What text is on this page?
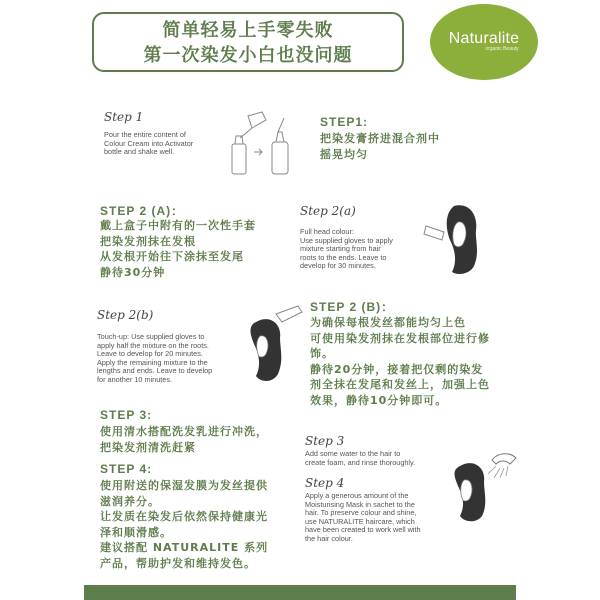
简单轻易上手零失败
第一次染发小白也没问题
Naturalite
organic Beauty
Step 1

Pour the entire content of

Colour Cream into Activator

bottle and shake well.

STEP1:

把染发膏挤进混合剂中

摇晃均匀

STEP 2 (A)：

戴上盒子中附有的一次性手套

把染发剂抹在发根

从发根开始往下涂抹至发尾

静待30分钟

Step 2(a)

Full head colour:

Use supplied gloves to apply

mixture starting from hair

roots to the ends. Leave to

develop for 30 minutes.

Step 2(b)

Touch-up: Use supplied gloves to

apply half the mixture on the roots.

Leave to develop for 20 minutes.

Apply the remaining mixture to the

lengths and ends. Leave to develop

for another 10 minutes.

STEP 2 (B)：

为确保每根发丝都能均匀上色

可使用染发剂抹在发根部位进行修

饰。

静待20分钟，接着把仅剩的染发

剂全抹在发尾和发丝上，加强上色

效果，静待10分钟即可。

STEP 3:

使用清水搭配洗发乳进行冲洗，

把染发剂清洗赶紧

STEP 4:

使用附送的保湿发膜为发丝提供

滋润养分。

让发质在染发后依然保持健康光

泽和顺滑感。

建议搭配 NATURALITE 系列

产品，帮助护发和维持发色。

Step 3

Add some water to the hair to

create foam, and rinse thoroughly.

Step 4

Apply a generous amount of the

Moisturising Mask in sachet to the

hair. To preserve colour and shine,

use NATURALITE haircare, which

have been created to work well with

the hair colour.
